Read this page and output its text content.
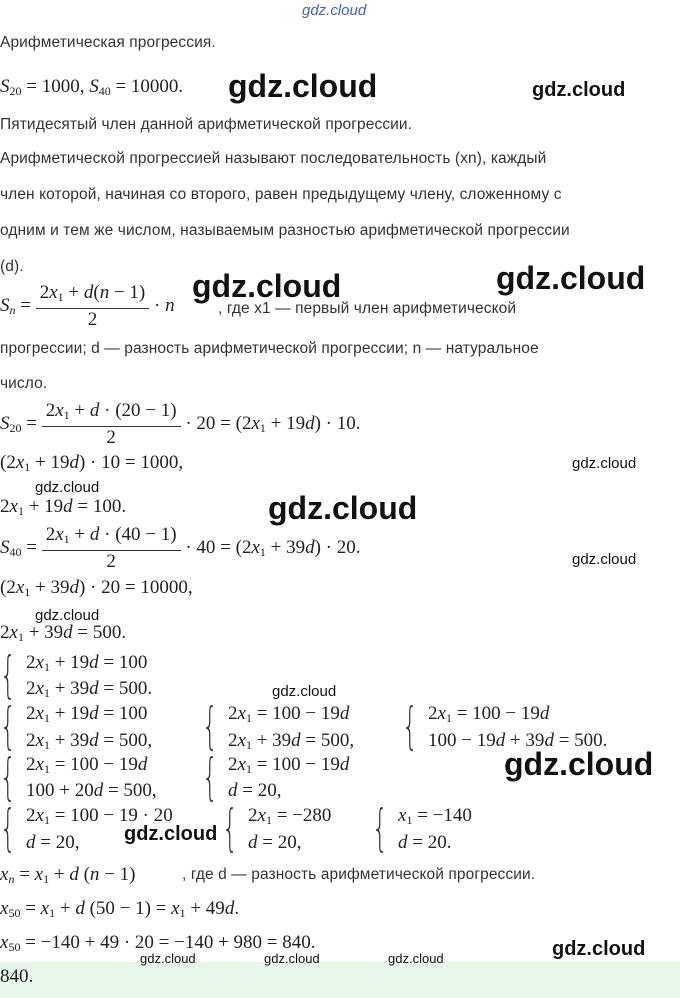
gdz.cloud
Арифметическая прогрессия.
$S_{20} = 1000$, $S_{40} = 10000$.
Пятидесятый член данной арифметической прогрессии.
Арифметической прогрессией называют последовательность (xn), каждый
член которой, начиная со второго, равен предыдущему члену, сложенному с
одним и тем же числом, называемым разностью арифметической прогрессии
(d).
$S_n = \frac{2x_1 + d(n - 1)}{2} \cdot n$	, где x1 — первый член арифметической
прогрессии; d — разность арифметической прогрессии; n — натуральное
число.
$S_{20} = \frac{2x_1 + d \cdot (20 - 1)}{2} \cdot 20 = (2x_1 + 19d) \cdot 10$.
$(2x_1 + 19d) \cdot 10 = 1000$,
$2x_1 + 19d = 100$.
$S_{40} = \frac{2x_1 + d \cdot (40 - 1)}{2} \cdot 40 = (2x_1 + 39d) \cdot 20$.
$(2x_1 + 39d) \cdot 20 = 10000$,
$2x_1 + 39d = 500$.
{ $2x_1 + 19d = 100$
$2x_1 + 39d = 500$.
{ $2x_1 + 19d = 100$
$2x_1 + 39d = 500$, { $2x_1 = 100 - 19d$
$2x_1 + 39d = 500$, { $2x_1 = 100 - 19d$
100 − 19d + 39d = 500.
{ $2x_1 = 100 - 19d$
100 + 20d = 500, { $2x_1 = 100 - 19d$
d = 20,
{ $2x_1 = 100 - 19 \cdot 20$
d = 20,	{ $2x_1 = -280$
d = 20, { $x_1 = -140$
d = 20.
$x_n = x_1 + d$ (n − 1)	, где d — разность арифметической прогрессии.
$x_{50} = x_1 + d$ $(50 - 1) = x_1 + 49d$.
$x_{50} = -140 + 49 \cdot 20 = -140 + 980 = 840$.
840.
gdz.cloud	gdz.cloud
gdz.cloud	gdz.cloud
gdz.cloud
gdz.cloud
gdz.cloud
gdz.cloud
gdz.cloud
gdz.cloud
gdz.cloud
gdz.cloud
gdz.cloud
gdz.cloud	gdz.cloud	gdz.cloud
